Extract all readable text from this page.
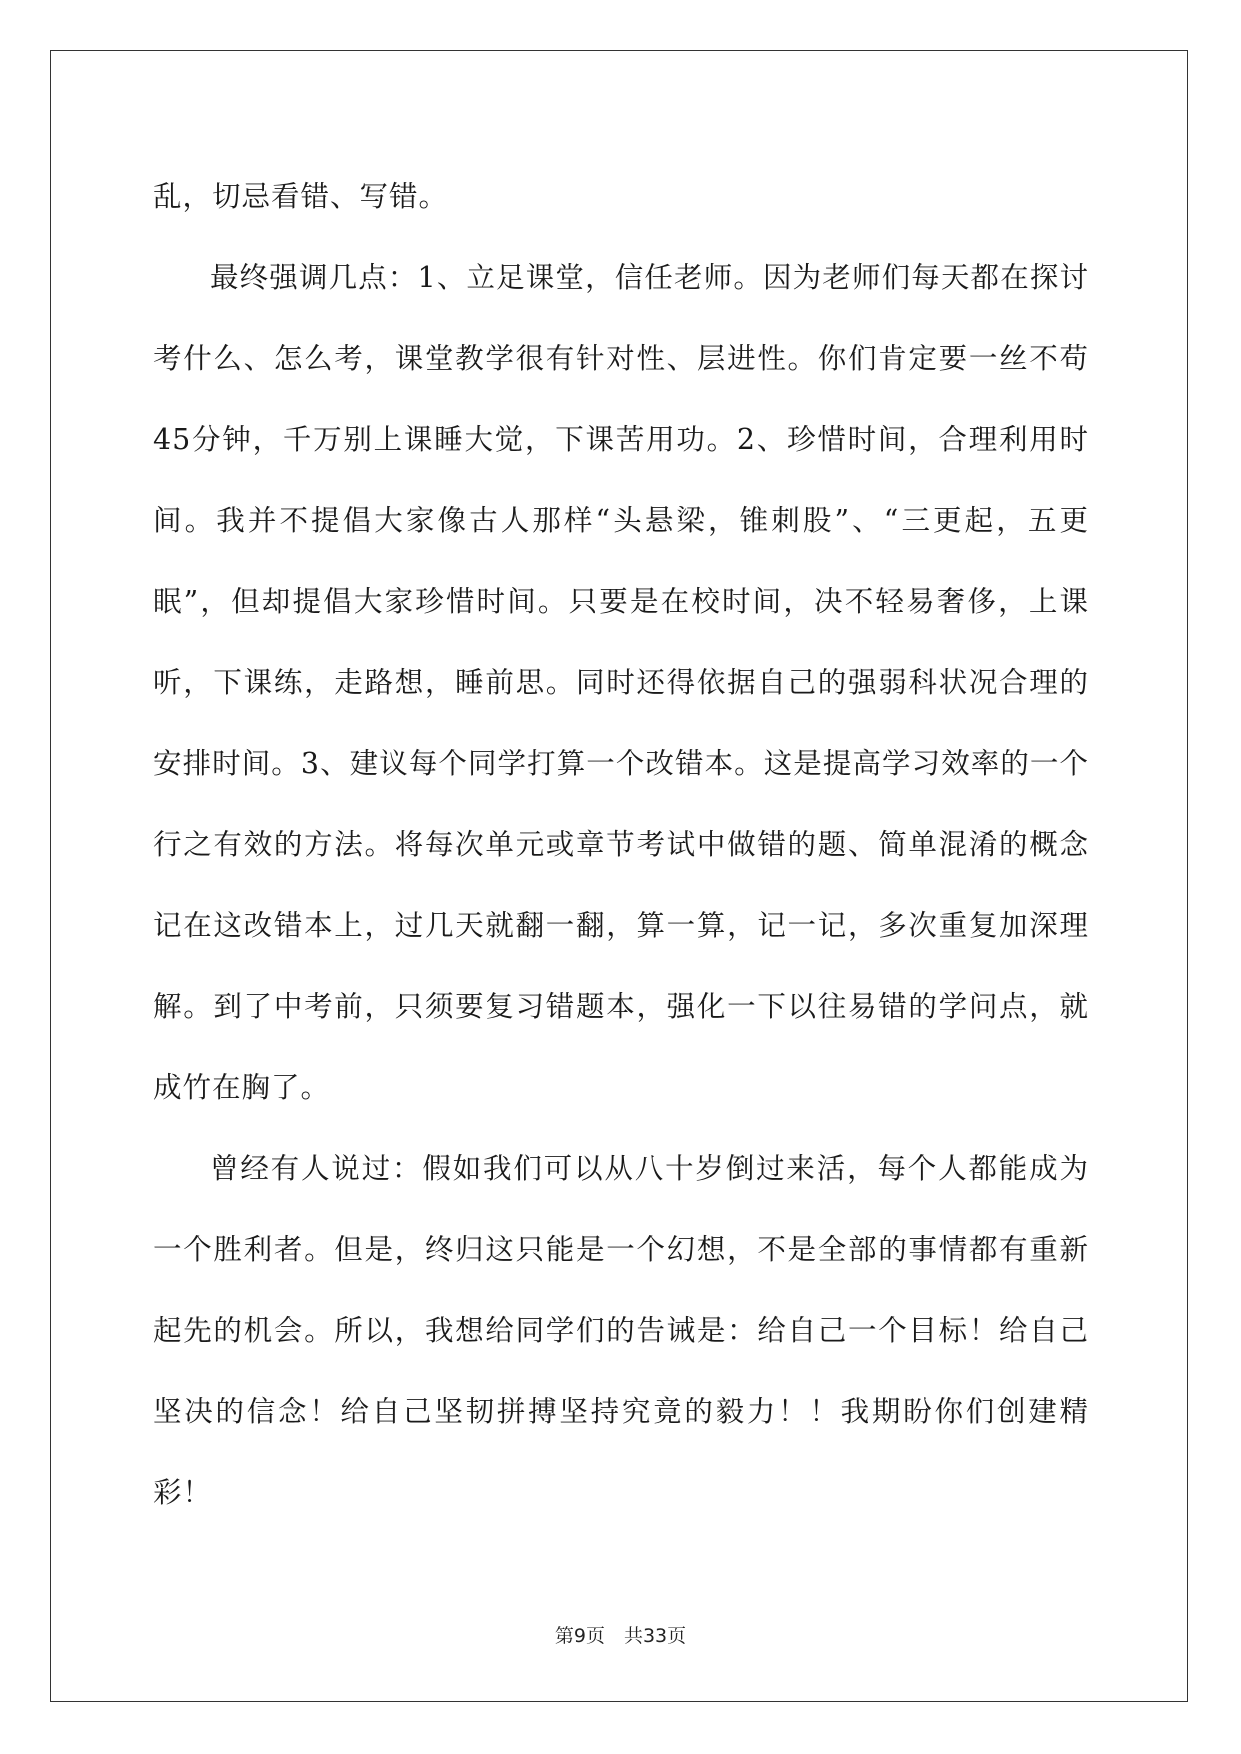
乱，切忌看错、写错。

最终强调几点：1、立足课堂，信任老师。因为老师们每天都在探讨考什么、怎么考，课堂教学很有针对性、层进性。你们肯定要一丝不苟45分钟，千万别上课睡大觉，下课苦用功。2、珍惜时间，合理利用时间。我并不提倡大家像古人那样“头悬梁，锥刺股”、“三更起，五更眠”，但却提倡大家珍惜时间。只要是在校时间，决不轻易奢侈，上课听，下课练，走路想，睡前思。同时还得依据自己的强弱科状况合理的安排时间。3、建议每个同学打算一个改错本。这是提高学习效率的一个行之有效的方法。将每次单元或章节考试中做错的题、简单混淆的概念记在这改错本上，过几天就翻一翻，算一算，记一记，多次重复加深理解。到了中考前，只须要复习错题本，强化一下以往易错的学问点，就成竹在胸了。

曾经有人说过：假如我们可以从八十岁倒过来活，每个人都能成为一个胜利者。但是，终归这只能是一个幻想，不是全部的事情都有重新起先的机会。所以，我想给同学们的告诫是：给自己一个目标！给自己坚决的信念！给自己坚韧拼搏坚持究竟的毅力！！我期盼你们创建精彩！

第9页　共33页
